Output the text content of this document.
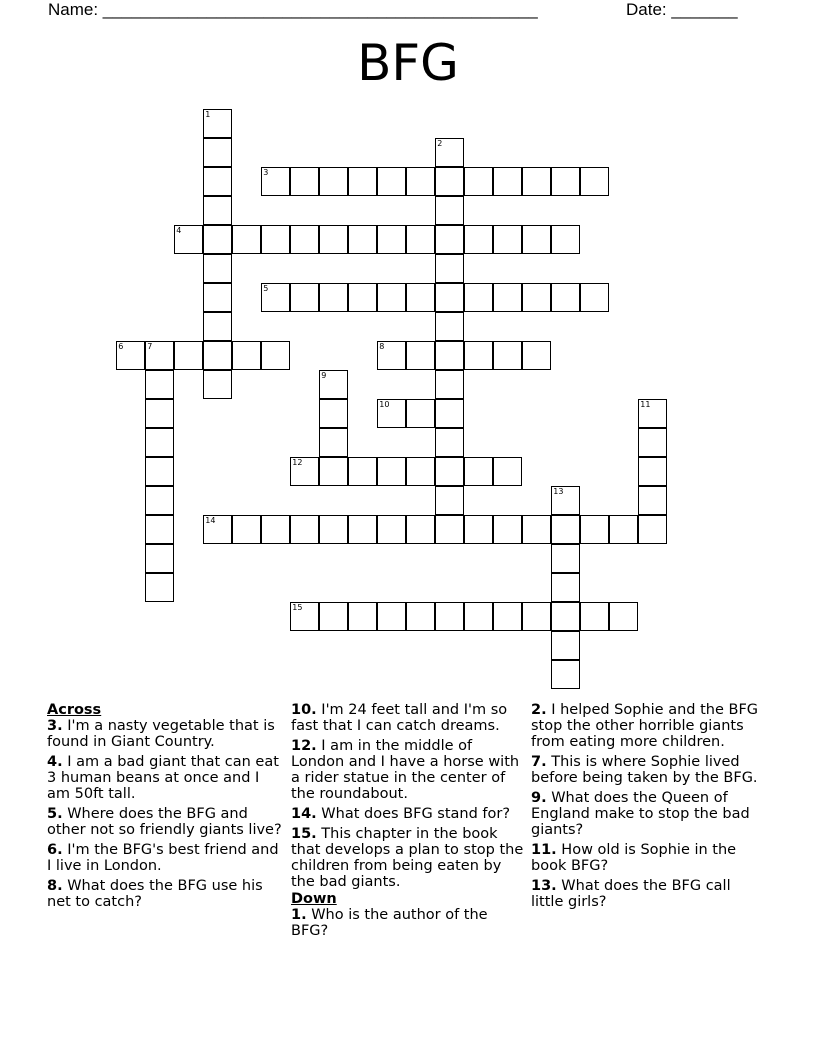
Name: ______________________________________________	Date: _______
BFG
1
2
3
4
5
6	7	8
9
10	11
12
13
14
15
Across
3. I'm a nasty vegetable that is found in Giant Country.
4. I am a bad giant that can eat 3 human beans at once and I am 50ft tall.
5. Where does the BFG and other not so friendly giants live?
6. I'm the BFG's best friend and I live in London.
8. What does the BFG use his net to catch?
10. I'm 24 feet tall and I'm so fast that I can catch dreams.
12. I am in the middle of London and I have a horse with a rider statue in the center of the roundabout.
14. What does BFG stand for?
15. This chapter in the book that develops a plan to stop the children from being eaten by the bad giants.
Down
1. Who is the author of the BFG?
2. I helped Sophie and the BFG stop the other horrible giants from eating more children.
7. This is where Sophie lived before being taken by the BFG.
9. What does the Queen of England make to stop the bad giants?
11. How old is Sophie in the book BFG?
13. What does the BFG call little girls?
